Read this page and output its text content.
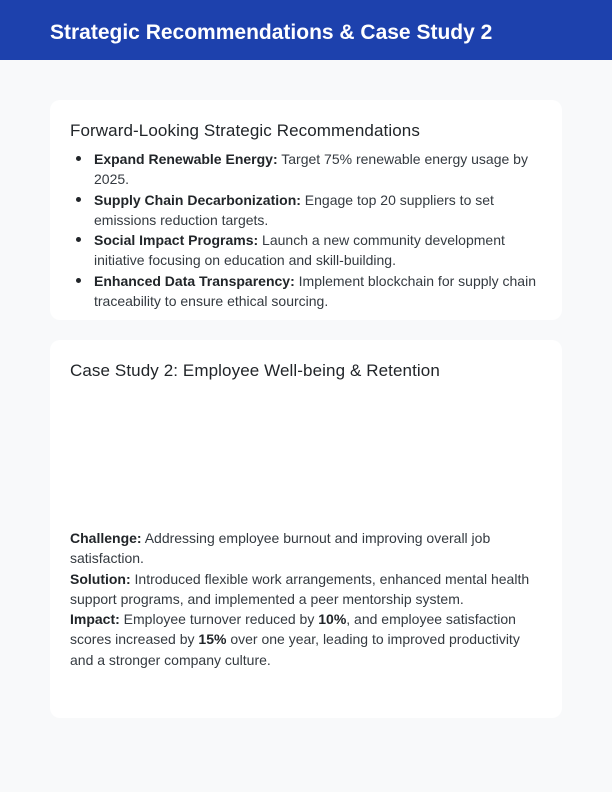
Strategic Recommendations & Case Study 2
Forward-Looking Strategic Recommendations
Expand Renewable Energy: Target 75% renewable energy usage by 2025.
Supply Chain Decarbonization: Engage top 20 suppliers to set emissions reduction targets.
Social Impact Programs: Launch a new community development initiative focusing on education and skill-building.
Enhanced Data Transparency: Implement blockchain for supply chain traceability to ensure ethical sourcing.
Case Study 2: Employee Well-being & Retention

Challenge: Addressing employee burnout and improving overall job satisfaction.

Solution: Introduced flexible work arrangements, enhanced mental health support programs, and implemented a peer mentorship system.

Impact: Employee turnover reduced by 10%, and employee satisfaction scores increased by 15% over one year, leading to improved productivity and a stronger company culture.
